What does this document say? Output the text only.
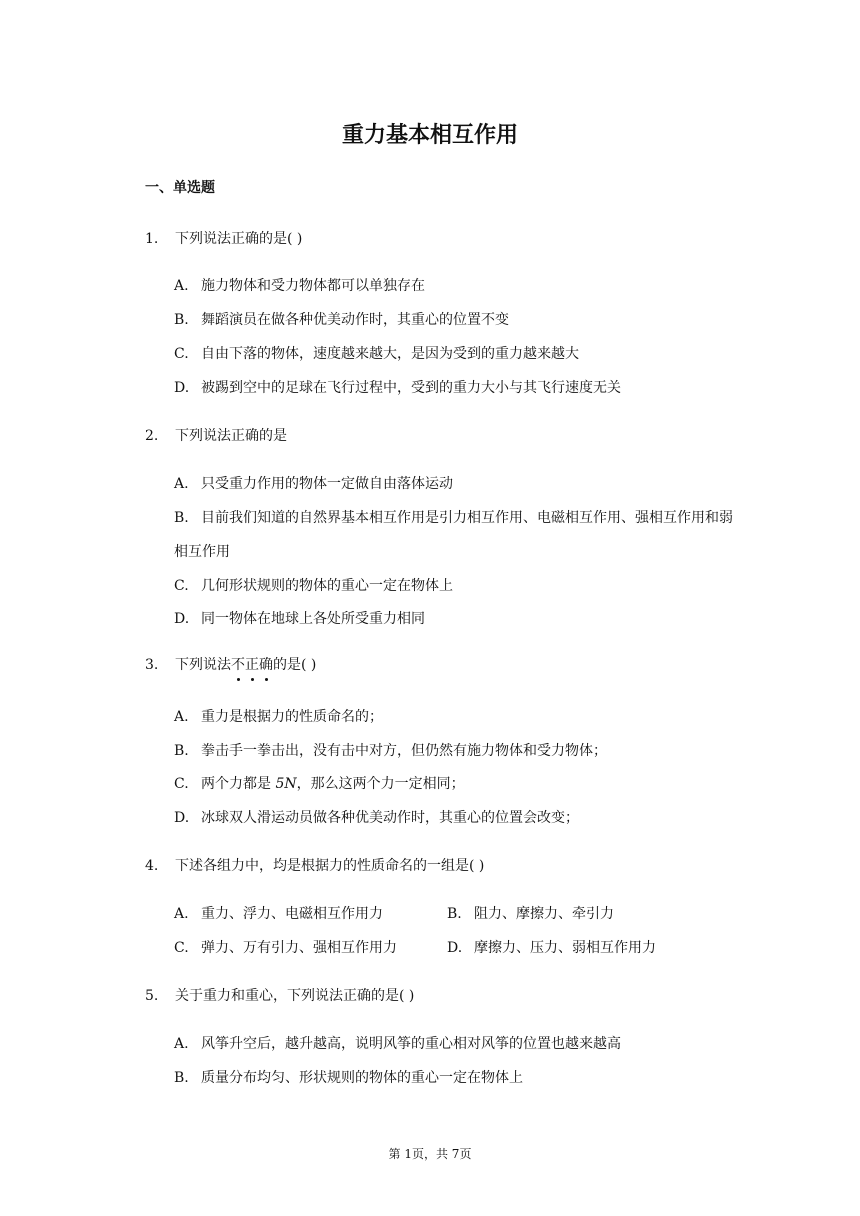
重力基本相互作用
一、单选题
1. 下列说法正确的是( )
A. 施力物体和受力物体都可以单独存在
B. 舞蹈演员在做各种优美动作时，其重心的位置不变
C. 自由下落的物体，速度越来越大，是因为受到的重力越来越大
D. 被踢到空中的足球在飞行过程中，受到的重力大小与其飞行速度无关
2. 下列说法正确的是
A. 只受重力作用的物体一定做自由落体运动
B. 目前我们知道的自然界基本相互作用是引力相互作用、电磁相互作用、强相互作用和弱相互作用
C. 几何形状规则的物体的重心一定在物体上
D. 同一物体在地球上各处所受重力相同
3. 下列说法不
正
确
的是( )
A. 重力是根据力的性质命名的；
B. 拳击手一拳击出，没有击中对方，但仍然有施力物体和受力物体；
C. 两个力都是 5N，那么这两个力一定相同；
D. 冰球双人滑运动员做各种优美动作时，其重心的位置会改变；
4. 下述各组力中，均是根据力的性质命名的一组是( )
A. 重力、浮力、电磁相互作用力	B. 阻力、摩擦力、牵引力
C. 弹力、万有引力、强相互作用力	D. 摩擦力、压力、弱相互作用力
5. 关于重力和重心，下列说法正确的是( )
A. 风筝升空后，越升越高，说明风筝的重心相对风筝的位置也越来越高
B. 质量分布均匀、形状规则的物体的重心一定在物体上
第 1页，共 7页
